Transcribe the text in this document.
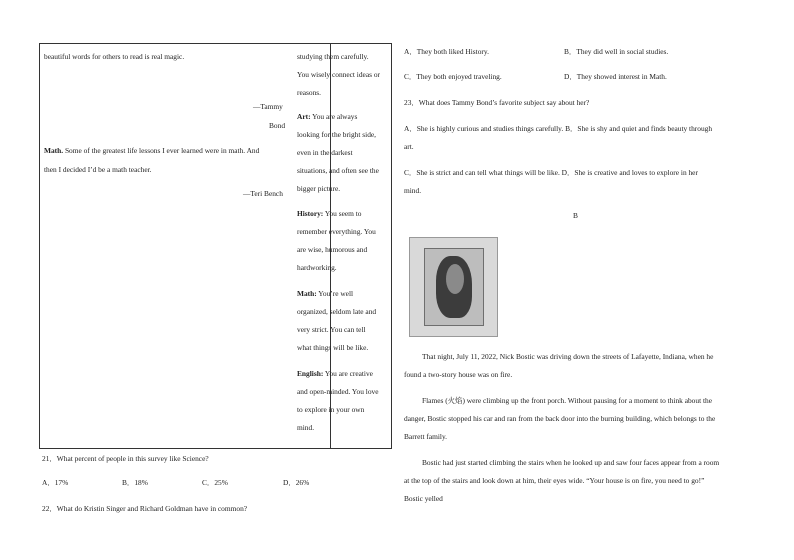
beautiful words for others to read is real magic.
—Tammy
Bond
Math. Some of the greatest life lessons I ever learned were in math. And
then I decided I’d be a math teacher.
—Teri Bench
studying them carefully.
You wisely connect ideas or
reasons.
Art: You are always
looking for the bright side,
even in the darkest
situations, and often see the
bigger picture.
History: You seem to
remember everything. You
are wise, humorous and
hardworking.
Math: You’re well
organized, seldom late and
very strict. You can tell
what things will be like.
English: You are creative
and open-minded. You love
to explore in your own
mind.
21．What percent of people in this survey like Science?
A．17%	B．18%	C．25%	D．26%
22．What do Kristin Singer and Richard Goldman have in common?
A．They both liked History.	B．They did well in social studies.
C．They both enjoyed traveling.	D．They showed interest in Math.
23．What does Tammy Bond’s favorite subject say about her?
A．She is highly curious and studies things carefully. B．She is shy and quiet and finds beauty through
art.
C．She is strict and can tell what things will be like. D．She is creative and loves to explore in her
mind.
B
That night, July 11, 2022, Nick Bostic was driving down the streets of Lafayette, Indiana, when he
found a two-story house was on fire.
Flames (火焰) were climbing up the front porch. Without pausing for a moment to think about the
danger, Bostic stopped his car and ran from the back door into the burning building, which belongs to the
Barrett family.
Bostic had just started climbing the stairs when he looked up and saw four faces appear from a room
at the top of the stairs and look down at him, their eyes wide. “Your house is on fire, you need to go!”
Bostic yelled
